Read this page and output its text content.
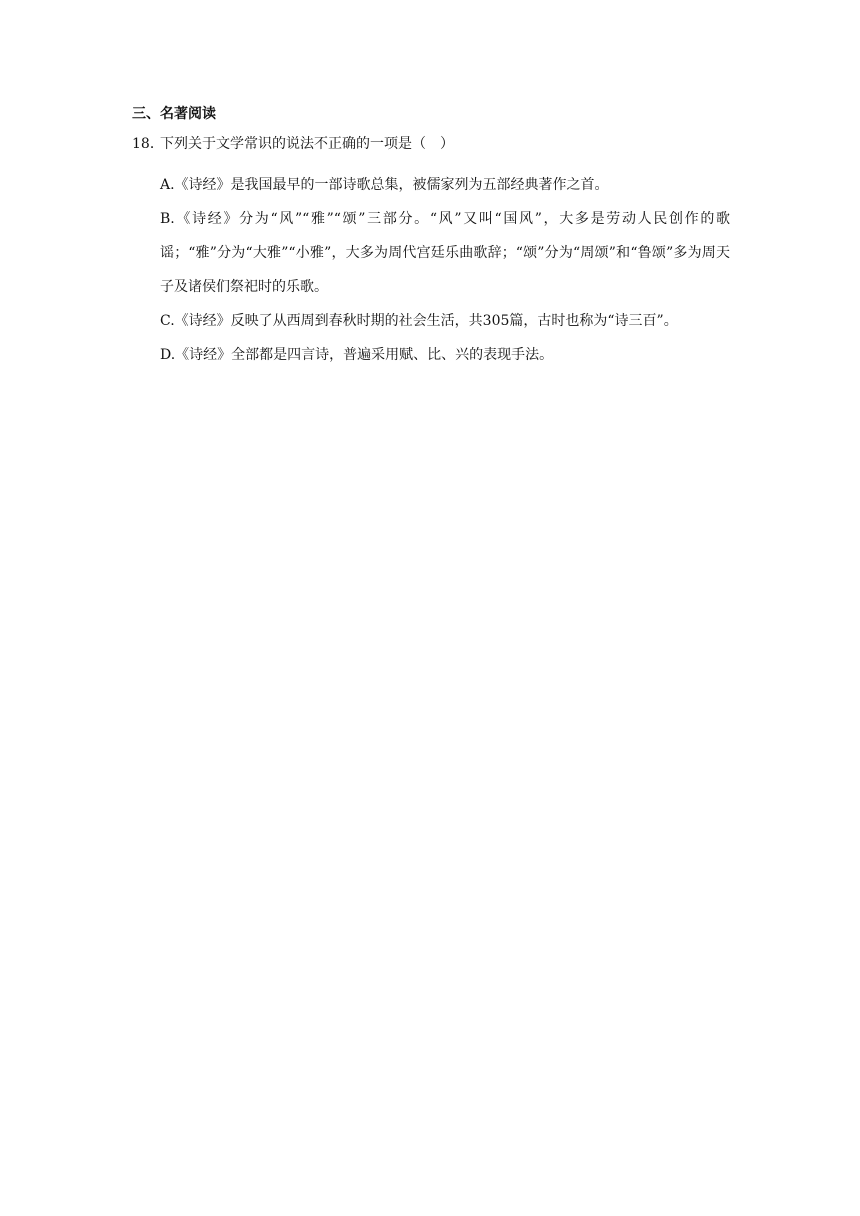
三、名著阅读
18．下列关于文学常识的说法不正确的一项是（　）

A.《诗经》是我国最早的一部诗歌总集，被儒家列为五部经典著作之首。

B.《诗经》分为“风”“雅”“颂”三部分。“风”又叫“国风”，大多是劳动人民创作的歌谣；“雅”分为“大雅”“小雅”，大多为周代宫廷乐曲歌辞；“颂”分为“周颂”和“鲁颂”多为周天子及诸侯们祭祀时的乐歌。

C.《诗经》反映了从西周到春秋时期的社会生活，共305篇，古时也称为“诗三百”。

D.《诗经》全部都是四言诗，普遍采用赋、比、兴的表现手法。
